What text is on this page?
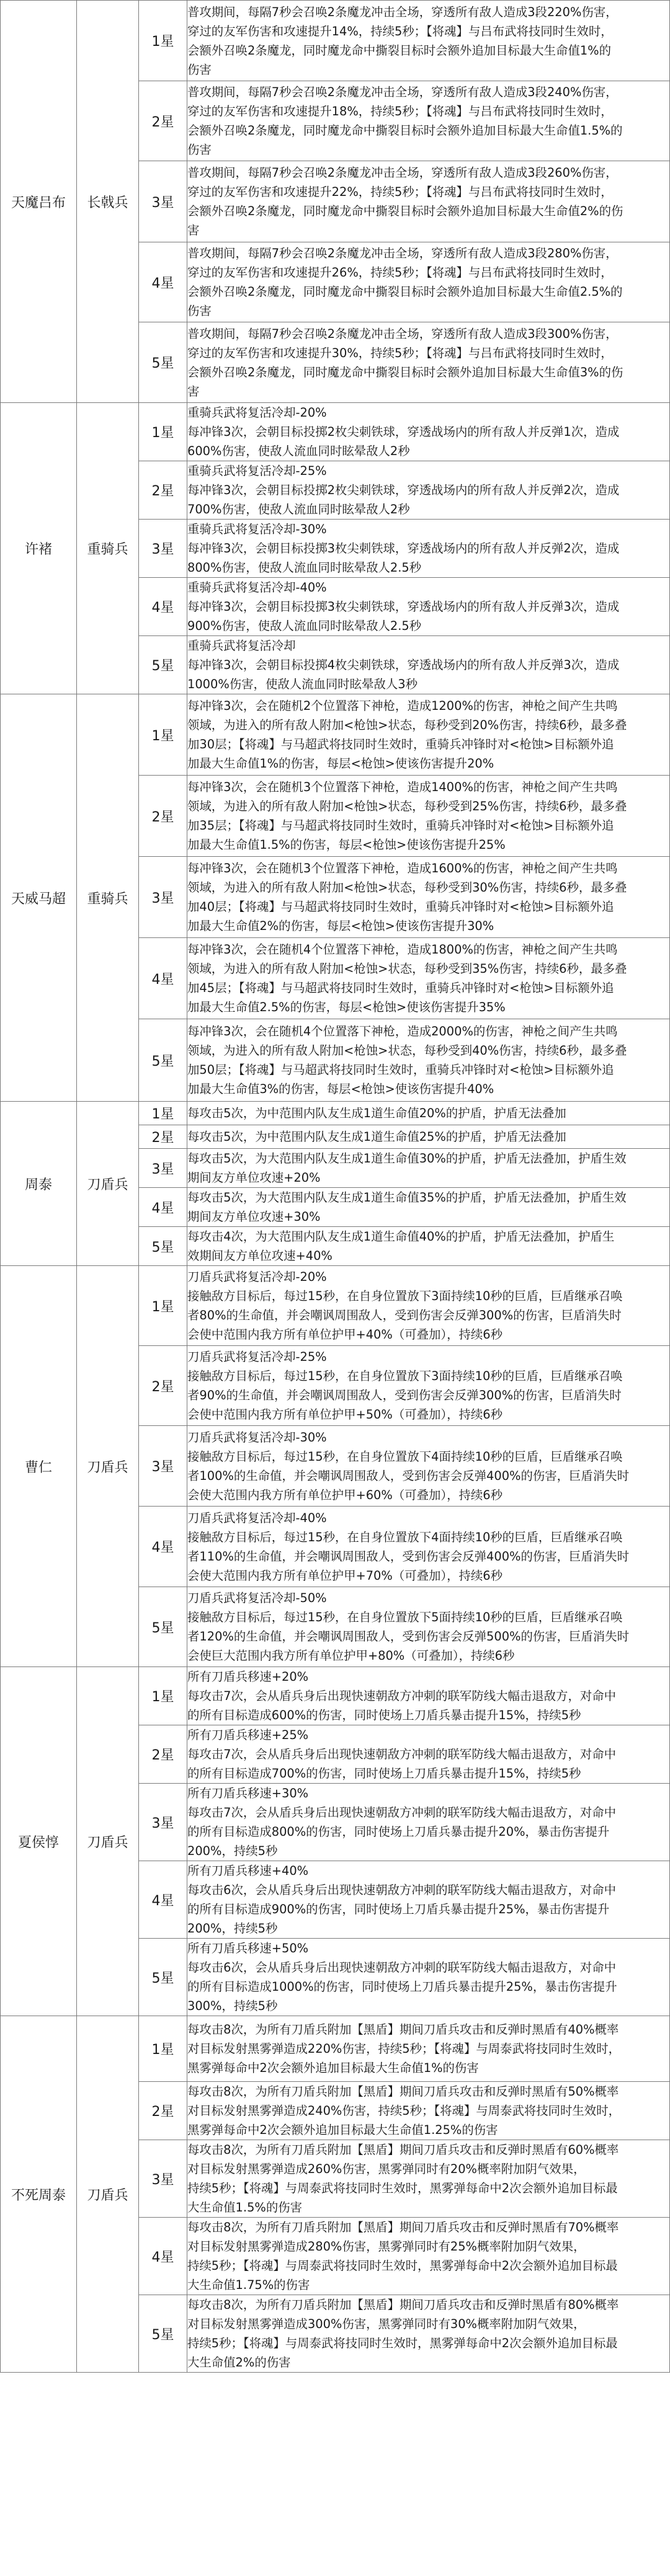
天魔吕布	长戟兵	1星	普攻期间，每隔7秒会召唤2条魔龙冲击全场，穿透所有敌人造成3段220%伤害，
穿过的友军伤害和攻速提升14%，持续5秒；【将魂】与吕布武将技同时生效时，
会额外召唤2条魔龙，同时魔龙命中撕裂目标时会额外追加目标最大生命值1%的
伤害

		2星	普攻期间，每隔7秒会召唤2条魔龙冲击全场，穿透所有敌人造成3段240%伤害，
穿过的友军伤害和攻速提升18%，持续5秒；【将魂】与吕布武将技同时生效时，
会额外召唤2条魔龙，同时魔龙命中撕裂目标时会额外追加目标最大生命值1.5%的
伤害

		3星	普攻期间，每隔7秒会召唤2条魔龙冲击全场，穿透所有敌人造成3段260%伤害，
穿过的友军伤害和攻速提升22%，持续5秒；【将魂】与吕布武将技同时生效时，
会额外召唤2条魔龙，同时魔龙命中撕裂目标时会额外追加目标最大生命值2%的伤
害

		4星	普攻期间，每隔7秒会召唤2条魔龙冲击全场，穿透所有敌人造成3段280%伤害，
穿过的友军伤害和攻速提升26%，持续5秒；【将魂】与吕布武将技同时生效时，
会额外召唤2条魔龙，同时魔龙命中撕裂目标时会额外追加目标最大生命值2.5%的
伤害

		5星	普攻期间，每隔7秒会召唤2条魔龙冲击全场，穿透所有敌人造成3段300%伤害，
穿过的友军伤害和攻速提升30%，持续5秒；【将魂】与吕布武将技同时生效时，
会额外召唤2条魔龙，同时魔龙命中撕裂目标时会额外追加目标最大生命值3%的伤
害

许褚	重骑兵	1星	重骑兵武将复活冷却-20%
每冲锋3次，会朝目标投掷2枚尖刺铁球，穿透战场内的所有敌人并反弹1次，造成
600%伤害，使敌人流血同时眩晕敌人2秒

		2星	重骑兵武将复活冷却-25%
每冲锋3次，会朝目标投掷2枚尖刺铁球，穿透战场内的所有敌人并反弹2次，造成
700%伤害，使敌人流血同时眩晕敌人2秒

		3星	重骑兵武将复活冷却-30%
每冲锋3次，会朝目标投掷3枚尖刺铁球，穿透战场内的所有敌人并反弹2次，造成
800%伤害，使敌人流血同时眩晕敌人2.5秒

		4星	重骑兵武将复活冷却-40%
每冲锋3次，会朝目标投掷3枚尖刺铁球，穿透战场内的所有敌人并反弹3次，造成
900%伤害，使敌人流血同时眩晕敌人2.5秒

		5星	重骑兵武将复活冷却
每冲锋3次，会朝目标投掷4枚尖刺铁球，穿透战场内的所有敌人并反弹3次，造成
1000%伤害，使敌人流血同时眩晕敌人3秒

天威马超	重骑兵	1星	每冲锋3次，会在随机2个位置落下神枪，造成1200%的伤害，神枪之间产生共鸣
领域，为进入的所有敌人附加<枪蚀>状态，每秒受到20%伤害，持续6秒，最多叠
加30层；【将魂】与马超武将技同时生效时，重骑兵冲锋时对<枪蚀>目标额外追
加最大生命值1%的伤害，每层<枪蚀>使该伤害提升20%

		2星	每冲锋3次，会在随机3个位置落下神枪，造成1400%的伤害，神枪之间产生共鸣
领域，为进入的所有敌人附加<枪蚀>状态，每秒受到25%伤害，持续6秒，最多叠
加35层；【将魂】与马超武将技同时生效时，重骑兵冲锋时对<枪蚀>目标额外追
加最大生命值1.5%的伤害，每层<枪蚀>使该伤害提升25%

		3星	每冲锋3次，会在随机3个位置落下神枪，造成1600%的伤害，神枪之间产生共鸣
领域，为进入的所有敌人附加<枪蚀>状态，每秒受到30%伤害，持续6秒，最多叠
加40层；【将魂】与马超武将技同时生效时，重骑兵冲锋时对<枪蚀>目标额外追
加最大生命值2%的伤害，每层<枪蚀>使该伤害提升30%

		4星	每冲锋3次，会在随机4个位置落下神枪，造成1800%的伤害，神枪之间产生共鸣
领域，为进入的所有敌人附加<枪蚀>状态，每秒受到35%伤害，持续6秒，最多叠
加45层；【将魂】与马超武将技同时生效时，重骑兵冲锋时对<枪蚀>目标额外追
加最大生命值2.5%的伤害，每层<枪蚀>使该伤害提升35%

		5星	每冲锋3次，会在随机4个位置落下神枪，造成2000%的伤害，神枪之间产生共鸣
领域，为进入的所有敌人附加<枪蚀>状态，每秒受到40%伤害，持续6秒，最多叠
加50层；【将魂】与马超武将技同时生效时，重骑兵冲锋时对<枪蚀>目标额外追
加最大生命值3%的伤害，每层<枪蚀>使该伤害提升40%

周泰	刀盾兵	1星	每攻击5次，为中范围内队友生成1道生命值20%的护盾，护盾无法叠加

		2星	每攻击5次，为中范围内队友生成1道生命值25%的护盾，护盾无法叠加

		3星	每攻击5次，为大范围内队友生成1道生命值30%的护盾，护盾无法叠加，护盾生效
期间友方单位攻速+20%

		4星	每攻击5次，为大范围内队友生成1道生命值35%的护盾，护盾无法叠加，护盾生效
期间友方单位攻速+30%

		5星	每攻击4次，为大范围内队友生成1道生命值40%的护盾，护盾无法叠加，护盾生
效期间友方单位攻速+40%

曹仁	刀盾兵	1星	刀盾兵武将复活冷却-20%
接触敌方目标后，每过15秒，在自身位置放下3面持续10秒的巨盾，巨盾继承召唤
者80%的生命值，并会嘲讽周围敌人，受到伤害会反弹300%的伤害，巨盾消失时
会使中范围内我方所有单位护甲+40%（可叠加），持续6秒

		2星	刀盾兵武将复活冷却-25%
接触敌方目标后，每过15秒，在自身位置放下3面持续10秒的巨盾，巨盾继承召唤
者90%的生命值，并会嘲讽周围敌人，受到伤害会反弹300%的伤害，巨盾消失时
会使中范围内我方所有单位护甲+50%（可叠加），持续6秒

		3星	刀盾兵武将复活冷却-30%
接触敌方目标后，每过15秒，在自身位置放下4面持续10秒的巨盾，巨盾继承召唤
者100%的生命值，并会嘲讽周围敌人，受到伤害会反弹400%的伤害，巨盾消失时
会使大范围内我方所有单位护甲+60%（可叠加），持续6秒

		4星	刀盾兵武将复活冷却-40%
接触敌方目标后，每过15秒，在自身位置放下4面持续10秒的巨盾，巨盾继承召唤
者110%的生命值，并会嘲讽周围敌人，受到伤害会反弹400%的伤害，巨盾消失时
会使大范围内我方所有单位护甲+70%（可叠加），持续6秒

		5星	刀盾兵武将复活冷却-50%
接触敌方目标后，每过15秒，在自身位置放下5面持续10秒的巨盾，巨盾继承召唤
者120%的生命值，并会嘲讽周围敌人，受到伤害会反弹500%的伤害，巨盾消失时
会使巨大范围内我方所有单位护甲+80%（可叠加），持续6秒

夏侯惇	刀盾兵	1星	所有刀盾兵移速+20%
每攻击7次，会从盾兵身后出现快速朝敌方冲刺的联军防线大幅击退敌方，对命中
的所有目标造成600%的伤害，同时使场上刀盾兵暴击提升15%，持续5秒

		2星	所有刀盾兵移速+25%
每攻击7次，会从盾兵身后出现快速朝敌方冲刺的联军防线大幅击退敌方，对命中
的所有目标造成700%的伤害，同时使场上刀盾兵暴击提升15%，持续5秒

		3星	所有刀盾兵移速+30%
每攻击7次，会从盾兵身后出现快速朝敌方冲刺的联军防线大幅击退敌方，对命中
的所有目标造成800%的伤害，同时使场上刀盾兵暴击提升20%，暴击伤害提升
200%，持续5秒

		4星	所有刀盾兵移速+40%
每攻击6次，会从盾兵身后出现快速朝敌方冲刺的联军防线大幅击退敌方，对命中
的所有目标造成900%的伤害，同时使场上刀盾兵暴击提升25%，暴击伤害提升
200%，持续5秒

		5星	所有刀盾兵移速+50%
每攻击6次，会从盾兵身后出现快速朝敌方冲刺的联军防线大幅击退敌方，对命中
的所有目标造成1000%的伤害，同时使场上刀盾兵暴击提升25%，暴击伤害提升
300%，持续5秒

不死周泰	刀盾兵	1星	每攻击8次，为所有刀盾兵附加【黑盾】期间刀盾兵攻击和反弹时黑盾有40%概率
对目标发射黑雾弹造成220%伤害，持续5秒；【将魂】与周泰武将技同时生效时，
黑雾弹每命中2次会额外追加目标最大生命值1%的伤害

		2星	每攻击8次，为所有刀盾兵附加【黑盾】期间刀盾兵攻击和反弹时黑盾有50%概率
对目标发射黑雾弹造成240%伤害，持续5秒；【将魂】与周泰武将技同时生效时，
黑雾弹每命中2次会额外追加目标最大生命值1.25%的伤害

		3星	每攻击8次，为所有刀盾兵附加【黑盾】期间刀盾兵攻击和反弹时黑盾有60%概率
对目标发射黑雾弹造成260%伤害，黑雾弹同时有20%概率附加阴气效果，
持续5秒；【将魂】与周泰武将技同时生效时，黑雾弹每命中2次会额外追加目标最
大生命值1.5%的伤害

		4星	每攻击8次，为所有刀盾兵附加【黑盾】期间刀盾兵攻击和反弹时黑盾有70%概率
对目标发射黑雾弹造成280%伤害，黑雾弹同时有25%概率附加阴气效果，
持续5秒；【将魂】与周泰武将技同时生效时，黑雾弹每命中2次会额外追加目标最
大生命值1.75%的伤害

		5星	每攻击8次，为所有刀盾兵附加【黑盾】期间刀盾兵攻击和反弹时黑盾有80%概率
对目标发射黑雾弹造成300%伤害，黑雾弹同时有30%概率附加阴气效果，
持续5秒；【将魂】与周泰武将技同时生效时，黑雾弹每命中2次会额外追加目标最
大生命值2%的伤害
